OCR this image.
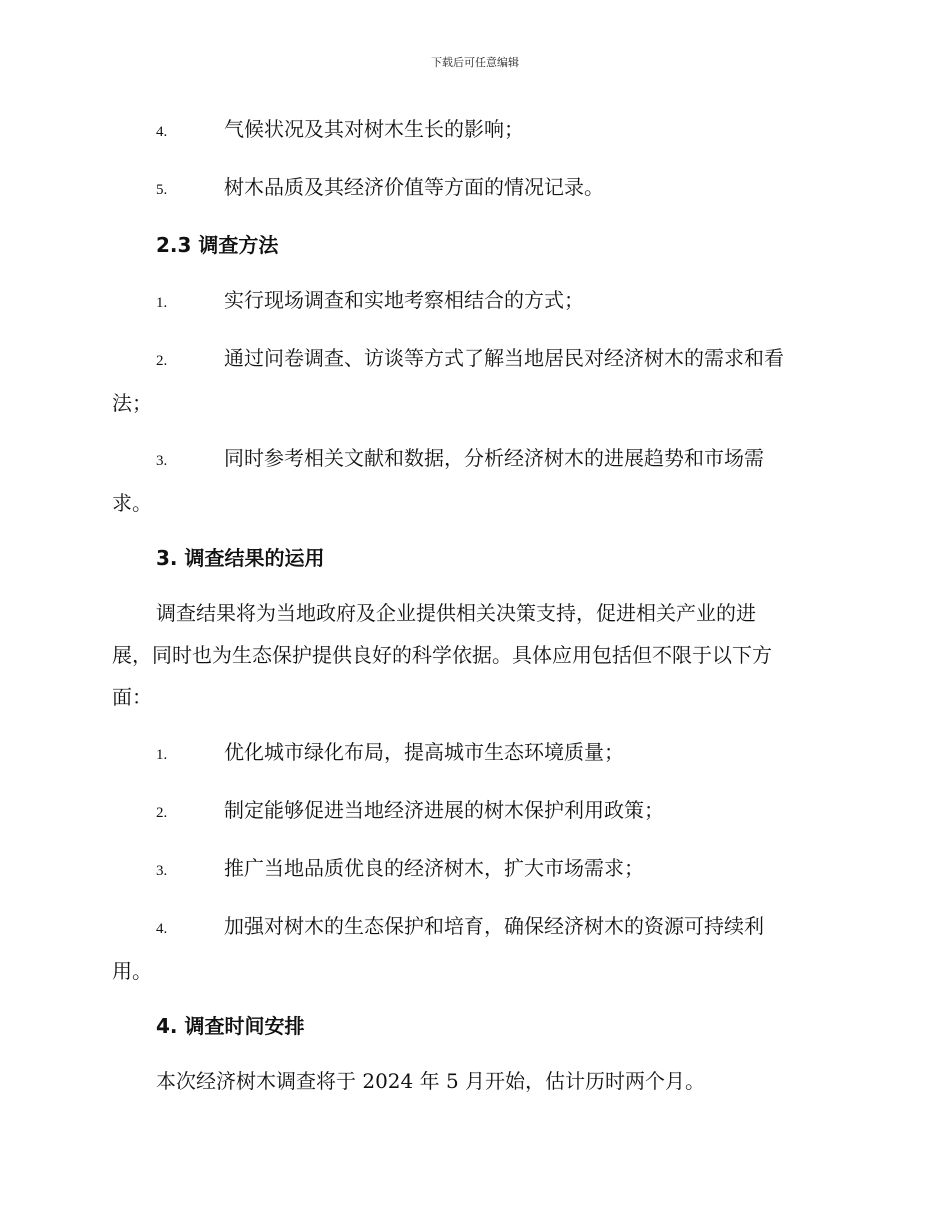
下载后可任意编辑
4.	气候状况及其对树木生长的影响；
5.	树木品质及其经济价值等方面的情况记录。
2.3 调查方法
1.	实行现场调查和实地考察相结合的方式；
2.	通过问卷调查、访谈等方式了解当地居民对经济树木的需求和看
法；
3.	同时参考相关文献和数据，分析经济树木的进展趋势和市场需
求。
3. 调查结果的运用
调查结果将为当地政府及企业提供相关决策支持，促进相关产业的进
展，同时也为生态保护提供良好的科学依据。具体应用包括但不限于以下方
面：
1.	优化城市绿化布局，提高城市生态环境质量；
2.	制定能够促进当地经济进展的树木保护利用政策；
3.	推广当地品质优良的经济树木，扩大市场需求；
4.	加强对树木的生态保护和培育，确保经济树木的资源可持续利
用。
4. 调查时间安排
本次经济树木调查将于 2024 年 5 月开始，估计历时两个月。
